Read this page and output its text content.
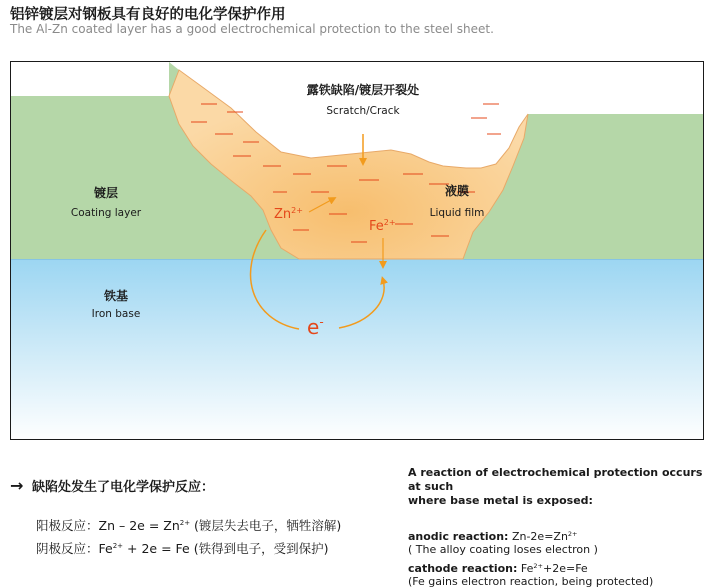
铝锌镀层对钢板具有良好的电化学保护作用
The Al-Zn coated layer has a good electrochemical protection to the steel sheet.
露铁缺陷/镀层开裂处
Scratch/Crack
镀层
Coating layer
液膜
Liquid film
铁基
Iron base
$Zn^{2+}$
$Fe^{2+}$
e-
→ 缺陷处发生了电化学保护反应：
阳极反应：$Zn - 2e = Zn^{2+}$ (镀层失去电子，牺牲溶解)
阴极反应：$Fe^{2+} + 2e = Fe$ (铁得到电子，受到保护)
A reaction of electrochemical protection occurs at such
where base metal is exposed:
anodic reaction: $Zn-2e=Zn^{2+}$
( The alloy coating loses electron )
cathode reaction: $Fe^{2+}+2e=Fe$
(Fe gains electron reaction, being protected)
